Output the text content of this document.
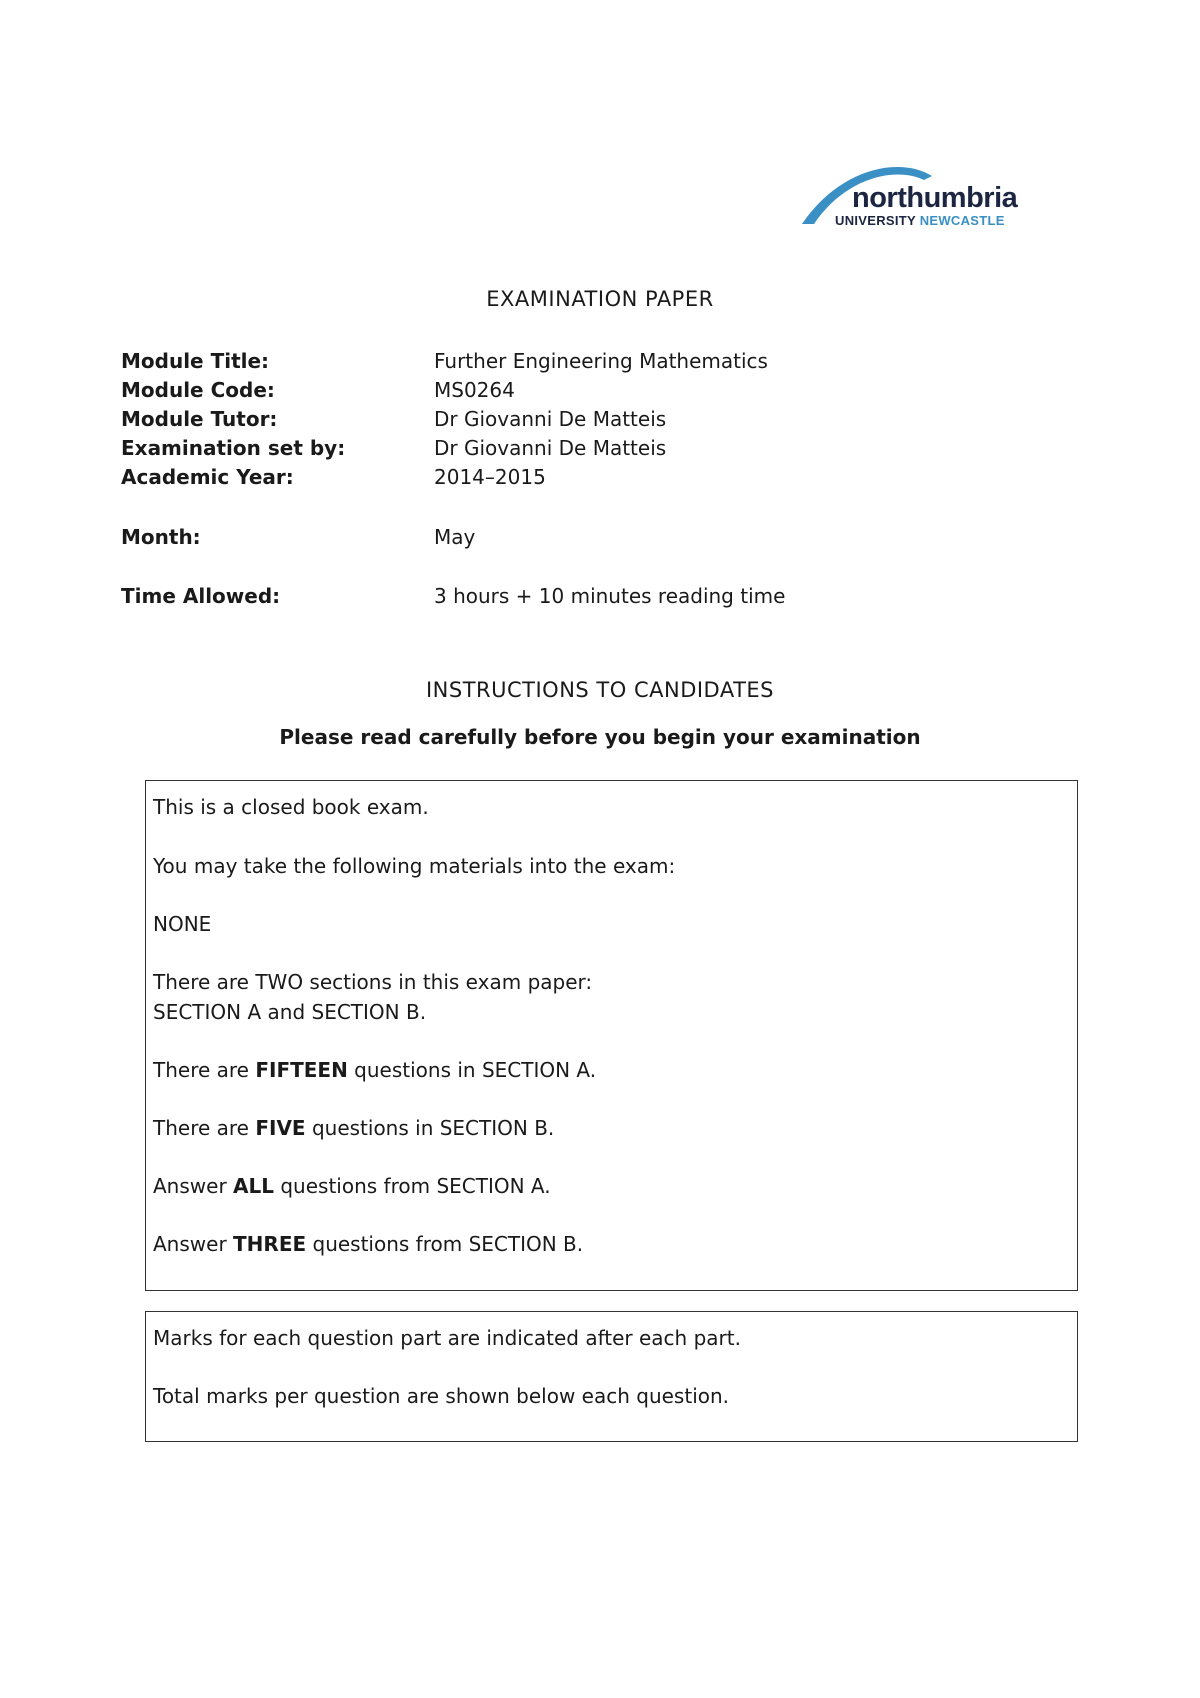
northumbria
UNIVERSITY NEWCASTLE
EXAMINATION PAPER
Module Title:	Further Engineering Mathematics
Module Code:	MS0264
Module Tutor:	Dr Giovanni De Matteis
Examination set by:	Dr Giovanni De Matteis
Academic Year:	2014–2015
Month:	May
Time Allowed:	3 hours + 10 minutes reading time
INSTRUCTIONS TO CANDIDATES
Please read carefully before you begin your examination
This is a closed book exam.
You may take the following materials into the exam:
NONE
There are TWO sections in this exam paper:
SECTION A and SECTION B.
There are FIFTEEN questions in SECTION A.
There are FIVE questions in SECTION B.
Answer ALL questions from SECTION A.
Answer THREE questions from SECTION B.
Marks for each question part are indicated after each part.
Total marks per question are shown below each question.
